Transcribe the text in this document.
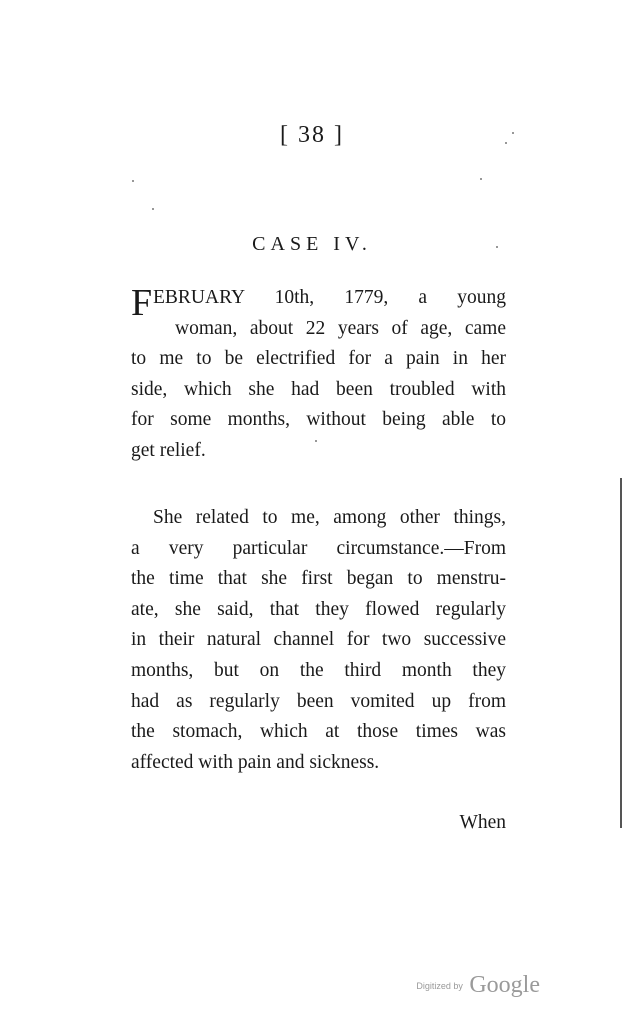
[ 38 ]
CASE IV.
F EBRUARY 10th, 1779, a young
woman, about 22 years of age, came
to me to be electrified for a pain in her
side, which she had been troubled with
for some months, without being able to
get relief.
She related to me, among other things,
a very particular circumstance.—From
the time that she first began to menstru-
ate, she said, that they flowed regularly
in their natural channel for two successive
months, but on the third month they
had as regularly been vomited up from
the stomach, which at those times was
affected with pain and sickness.
When
Digitized by Google
